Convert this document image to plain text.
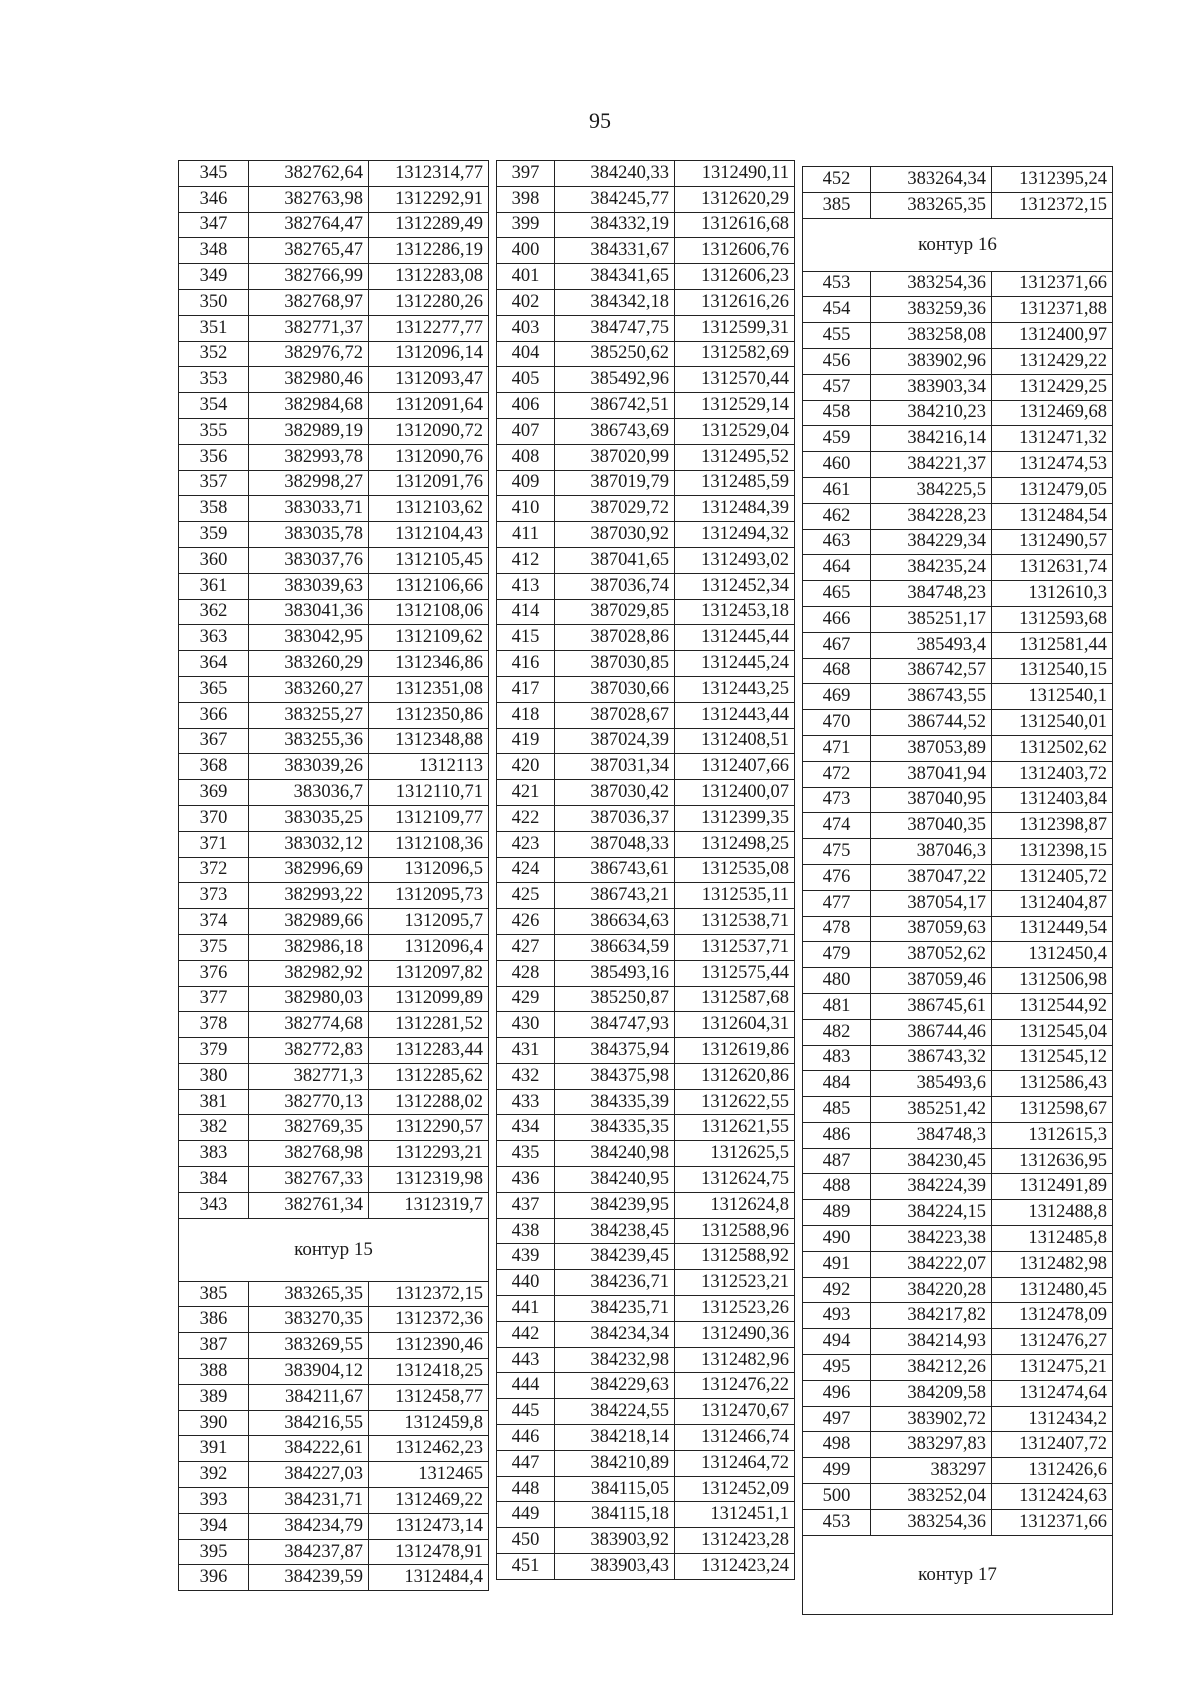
95
345	382762,64	1312314,77
346	382763,98	1312292,91
347	382764,47	1312289,49
348	382765,47	1312286,19
349	382766,99	1312283,08
350	382768,97	1312280,26
351	382771,37	1312277,77
352	382976,72	1312096,14
353	382980,46	1312093,47
354	382984,68	1312091,64
355	382989,19	1312090,72
356	382993,78	1312090,76
357	382998,27	1312091,76
358	383033,71	1312103,62
359	383035,78	1312104,43
360	383037,76	1312105,45
361	383039,63	1312106,66
362	383041,36	1312108,06
363	383042,95	1312109,62
364	383260,29	1312346,86
365	383260,27	1312351,08
366	383255,27	1312350,86
367	383255,36	1312348,88
368	383039,26	1312113
369	383036,7	1312110,71
370	383035,25	1312109,77
371	383032,12	1312108,36
372	382996,69	1312096,5
373	382993,22	1312095,73
374	382989,66	1312095,7
375	382986,18	1312096,4
376	382982,92	1312097,82
377	382980,03	1312099,89
378	382774,68	1312281,52
379	382772,83	1312283,44
380	382771,3	1312285,62
381	382770,13	1312288,02
382	382769,35	1312290,57
383	382768,98	1312293,21
384	382767,33	1312319,98
343	382761,34	1312319,7
контур 15		
385	383265,35	1312372,15
386	383270,35	1312372,36
387	383269,55	1312390,46
388	383904,12	1312418,25
389	384211,67	1312458,77
390	384216,55	1312459,8
391	384222,61	1312462,23
392	384227,03	1312465
393	384231,71	1312469,22
394	384234,79	1312473,14
395	384237,87	1312478,91
396	384239,59	1312484,4
397	384240,33	1312490,11
398	384245,77	1312620,29
399	384332,19	1312616,68
400	384331,67	1312606,76
401	384341,65	1312606,23
402	384342,18	1312616,26
403	384747,75	1312599,31
404	385250,62	1312582,69
405	385492,96	1312570,44
406	386742,51	1312529,14
407	386743,69	1312529,04
408	387020,99	1312495,52
409	387019,79	1312485,59
410	387029,72	1312484,39
411	387030,92	1312494,32
412	387041,65	1312493,02
413	387036,74	1312452,34
414	387029,85	1312453,18
415	387028,86	1312445,44
416	387030,85	1312445,24
417	387030,66	1312443,25
418	387028,67	1312443,44
419	387024,39	1312408,51
420	387031,34	1312407,66
421	387030,42	1312400,07
422	387036,37	1312399,35
423	387048,33	1312498,25
424	386743,61	1312535,08
425	386743,21	1312535,11
426	386634,63	1312538,71
427	386634,59	1312537,71
428	385493,16	1312575,44
429	385250,87	1312587,68
430	384747,93	1312604,31
431	384375,94	1312619,86
432	384375,98	1312620,86
433	384335,39	1312622,55
434	384335,35	1312621,55
435	384240,98	1312625,5
436	384240,95	1312624,75
437	384239,95	1312624,8
438	384238,45	1312588,96
439	384239,45	1312588,92
440	384236,71	1312523,21
441	384235,71	1312523,26
442	384234,34	1312490,36
443	384232,98	1312482,96
444	384229,63	1312476,22
445	384224,55	1312470,67
446	384218,14	1312466,74
447	384210,89	1312464,72
448	384115,05	1312452,09
449	384115,18	1312451,1
450	383903,92	1312423,28
451	383903,43	1312423,24
452	383264,34	1312395,24
385	383265,35	1312372,15
контур 16		
453	383254,36	1312371,66
454	383259,36	1312371,88
455	383258,08	1312400,97
456	383902,96	1312429,22
457	383903,34	1312429,25
458	384210,23	1312469,68
459	384216,14	1312471,32
460	384221,37	1312474,53
461	384225,5	1312479,05
462	384228,23	1312484,54
463	384229,34	1312490,57
464	384235,24	1312631,74
465	384748,23	1312610,3
466	385251,17	1312593,68
467	385493,4	1312581,44
468	386742,57	1312540,15
469	386743,55	1312540,1
470	386744,52	1312540,01
471	387053,89	1312502,62
472	387041,94	1312403,72
473	387040,95	1312403,84
474	387040,35	1312398,87
475	387046,3	1312398,15
476	387047,22	1312405,72
477	387054,17	1312404,87
478	387059,63	1312449,54
479	387052,62	1312450,4
480	387059,46	1312506,98
481	386745,61	1312544,92
482	386744,46	1312545,04
483	386743,32	1312545,12
484	385493,6	1312586,43
485	385251,42	1312598,67
486	384748,3	1312615,3
487	384230,45	1312636,95
488	384224,39	1312491,89
489	384224,15	1312488,8
490	384223,38	1312485,8
491	384222,07	1312482,98
492	384220,28	1312480,45
493	384217,82	1312478,09
494	384214,93	1312476,27
495	384212,26	1312475,21
496	384209,58	1312474,64
497	383902,72	1312434,2
498	383297,83	1312407,72
499	383297	1312426,6
500	383252,04	1312424,63
453	383254,36	1312371,66
контур 17		
